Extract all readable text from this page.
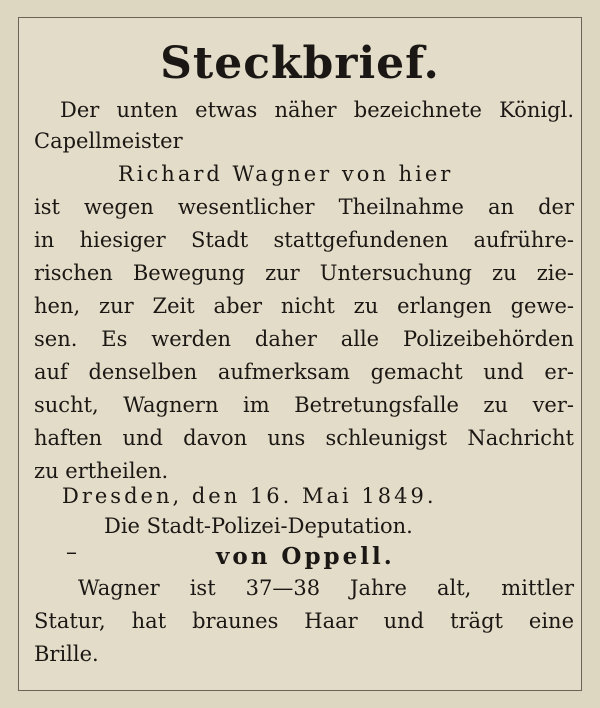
Steckbrief.
Der unten etwas näher bezeichnete Königl.
Capellmeister
Richard Wagner von hier
ist wegen wesentlicher Theilnahme an der
in hiesiger Stadt stattgefundenen aufrühre-
rischen Bewegung zur Untersuchung zu zie-
hen, zur Zeit aber nicht zu erlangen gewe-
sen. Es werden daher alle Polizeibehörden
auf denselben aufmerksam gemacht und er-
sucht, Wagnern im Betretungsfalle zu ver-
haften und davon uns schleunigst Nachricht
zu ertheilen.
Dresden, den 16. Mai 1849.
Die Stadt-Polizei-Deputation.
–	von Oppell.
Wagner ist 37—38 Jahre alt, mittler
Statur, hat braunes Haar und trägt eine
Brille.
